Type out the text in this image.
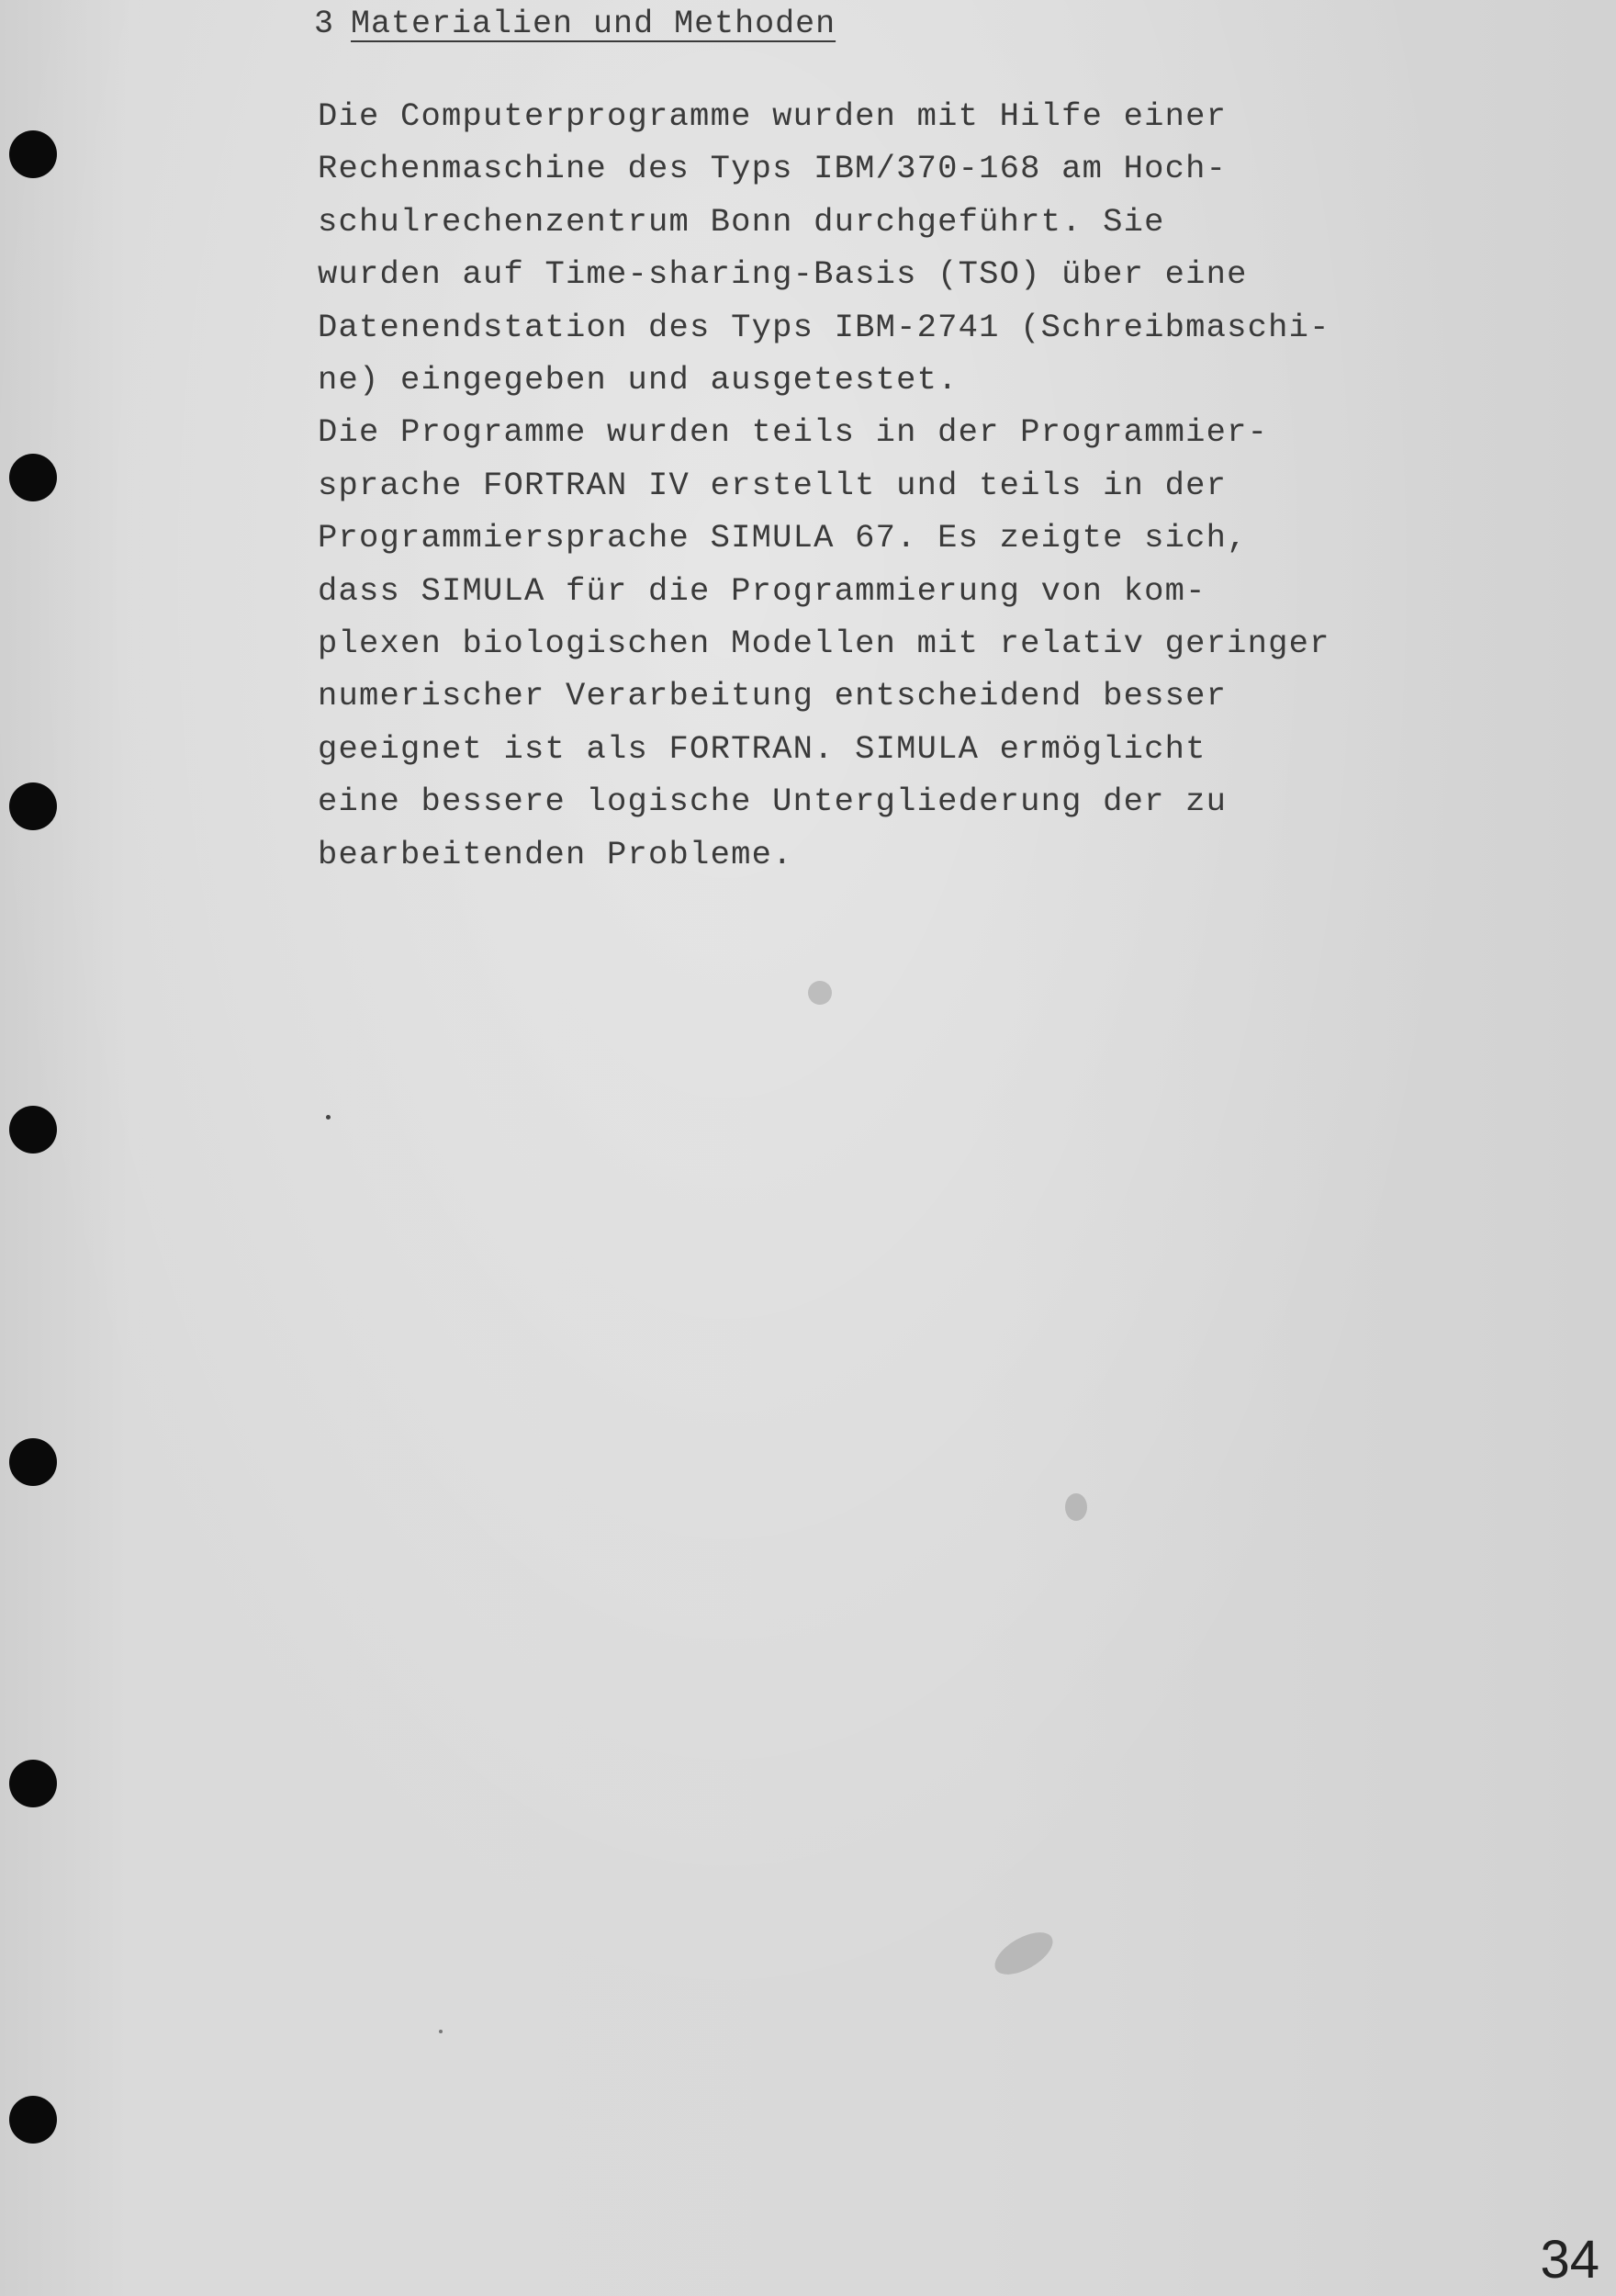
3 Materialien und Methoden
Die Computerprogramme wurden mit Hilfe einer
Rechenmaschine des Typs IBM/370-168 am Hoch-
schulrechenzentrum Bonn durchgeführt. Sie
wurden auf Time-sharing-Basis (TSO) über eine
Datenendstation des Typs IBM-2741 (Schreibmaschi-
ne) eingegeben und ausgetestet.
Die Programme wurden teils in der Programmier-
sprache FORTRAN IV erstellt und teils in der
Programmiersprache SIMULA 67. Es zeigte sich,
dass SIMULA für die Programmierung von kom-
plexen biologischen Modellen mit relativ geringer
numerischer Verarbeitung entscheidend besser
geeignet ist als FORTRAN. SIMULA ermöglicht
eine bessere logische Untergliederung der zu
bearbeitenden Probleme.
34
